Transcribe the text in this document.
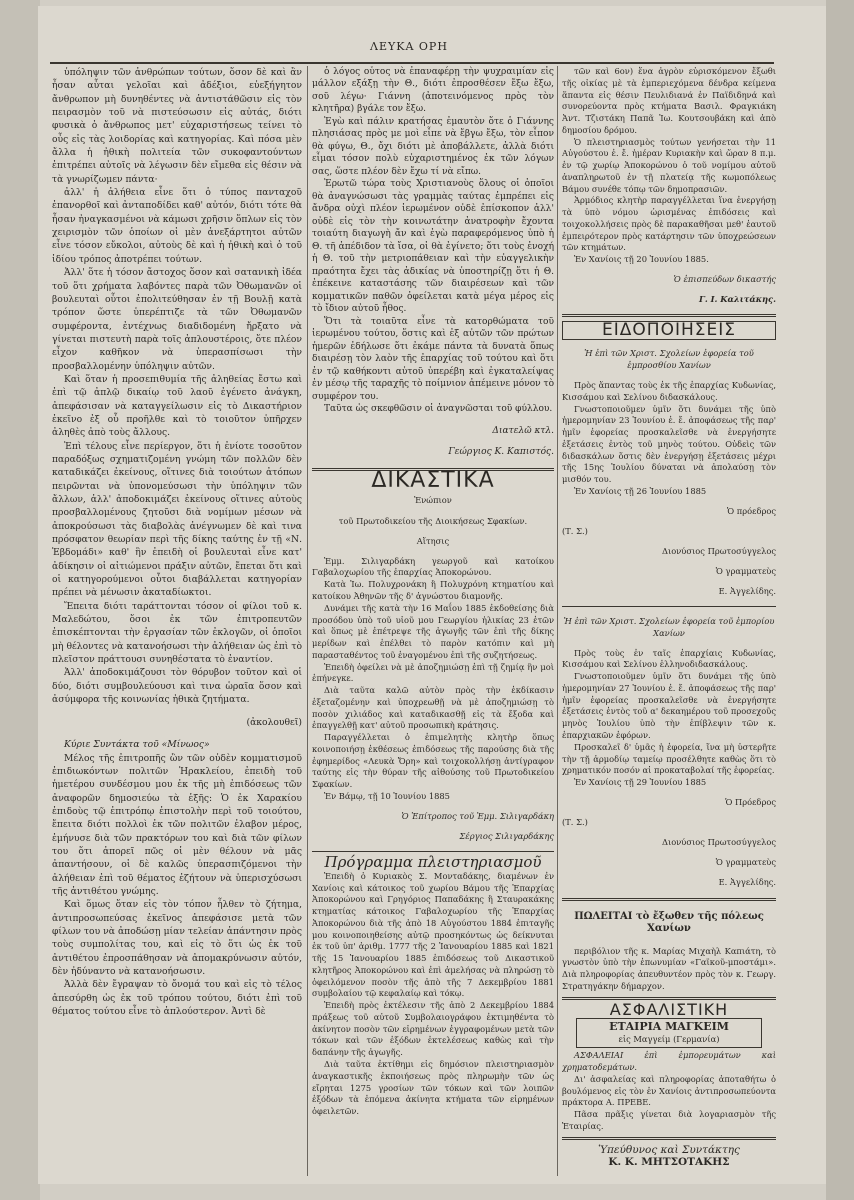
ΛΕΥΚΑ ΟΡΗ

ὑπόληψιν τῶν ἀνθρώπων τούτων, ὅσον δὲ καὶ ἂν ἦσαν αὗται γελοῖαι καὶ ἀδέξιοι, εὐεξήγητον ἄνθρωπον μὴ δυνηθέντες νὰ ἀντιστάθῶσιν εἰς τὸν πειρασμὸν τοῦ νὰ πιστεύσωσιν εἰς αὐτάς, διότι φυσικὰ ὁ ἄνθρωπος μετ' εὐχαριστήσεως τείνει τὸ οὖς εἰς τὰς λοιδορίας καὶ κατηγορίας. Καὶ πόσα μὲν ἄλλα ἡ ἠθικὴ πολιτεία τῶν συκοφαντούντων ἐπιτρέπει αὐτοῖς νὰ λέγωσιν δὲν εἴμεθα εἰς θέσιν νὰ τὰ γνωρίζωμεν πάντα·

ἀλλ' ἡ ἀλήθεια εἶνε ὅτι ὁ τύπος πανταχοῦ ἐπανορθοῖ καὶ ἀνταποδίδει καθ' αὐτόν, διότι τότε θὰ ἦσαν ἠναγκασμένοι νὰ κάμωσι χρῆσιν ὅπλων εἰς τὸν χειρισμὸν τῶν ὁποίων οἱ μὲν ἀνεξάρτητοι αὐτῶν εἶνε τόσον εὔκολοι, αὐτοὺς δὲ καὶ ἡ ἠθικὴ καὶ ὁ τοῦ ἰδίου τρόπος ἀποτρέπει τούτων.

Ἀλλ' ὅτε ἡ τόσον ἄστοχος ὅσον καὶ σατανικὴ ἰδέα τοῦ ὅτι χρήματα λαβόντες παρὰ τῶν Ὀθωμανῶν οἱ βουλευταὶ οὗτοι ἐπολιτεύθησαν ἐν τῇ Βουλῇ κατὰ τρόπον ὥστε ὑπερέπτιζε τὰ τῶν Ὀθωμανῶν συμφέροντα, ἐντέχνως διαδιδομένη ἤρξατο νὰ γίνεται πιστευτὴ παρὰ τοῖς ἁπλουστέροις, ὅτε πλέον εἶχον καθῆκον νὰ ὑπερασπίσωσι τὴν προσβαλλομένην ὑπόληψιν αὐτῶν.

Καὶ ὅταν ἡ προσεπιθυμία τῆς ἀληθείας ἔστω καὶ ἐπὶ τῷ ἀπλῷ δικαίῳ τοῦ λαοῦ ἐγένετο ἀνάγκη, ἀπεφάσισαν νὰ καταγγείλωσιν εἰς τὸ Δικαστήριον ἐκεῖνο ἐξ οὗ προῆλθε καὶ τὸ τοιοῦτον ὑπῆρχεν ἀληθὲς ἀπὸ τοὺς ἄλλους.

Ἐπὶ τέλους εἶνε περίεργον, ὅτι ἡ ἐνίοτε τοσοῦτον παραδόξως σχηματιζομένη γνώμη τῶν πολλῶν δὲν καταδικάζει ἐκείνους, οἵτινες διὰ τοιούτων ἀτόπων πειρῶνται νὰ ὑπονομεύσωσι τὴν ὑπόληψιν τῶν ἄλλων, ἀλλ' ἀποδοκιμάζει ἐκείνους οἵτινες αὐτοὺς προσβαλλομένους ζητοῦσι διὰ νομίμων μέσων νὰ ἀποκρούσωσι τὰς διαβολὰς ἀνέγνωμεν δὲ καὶ τινα πρόσφατον θεωρίαν περὶ τῆς δίκης ταύτης ἐν τῇ «Ν. Ἑβδομάδι» καθ' ἣν ἐπειδὴ οἱ βουλευταὶ εἶνε κατ' ἀδίκησιν οἱ αἰτιώμενοι πράξιν αὐτῶν, ἔπεται ὅτι καὶ οἱ κατηγορούμενοι οὗτοι διαβάλλεται κατηγορίαν πρέπει νὰ μένωσιν ἀκαταδίωκτοι.

Ἔπειτα διότι ταράττονται τόσον οἱ φίλοι τοῦ κ. Μαλεδώτου, ὅσοι ἐκ τῶν ἐπιτροπευτῶν ἐπισκέπτονται τὴν ἐργασίαν τῶν ἐκλογῶν, οἱ ὁποῖοι μὴ θέλοντες νὰ κατανοήσωσι τὴν ἀλήθειαν ὡς ἐπὶ τὸ πλεῖστον πράττουσι συνηθέστατα τὸ ἐναντίον.

Ἀλλ' ἀποδοκιμάζουσι τὸν θόρυβον τοῦτον καὶ οἱ δύο, διότι συμβουλεύουσι καὶ τινα ὡραῖα ὅσον καὶ ἀσύμφορα τῆς κοινωνίας ἠθικὰ ζητήματα.

(ἀκολουθεῖ)

Κύριε Συντάκτα τοῦ «Μίνωος»

Μέλος τῆς ἐπιτροπῆς ὢν τῶν οὐδὲν κομματισμοῦ ἐπιδιωκόντων πολιτῶν Ἡρακλείου, ἐπειδὴ τοῦ ἡμετέρου συνδέσμου μου ἐκ τῆς μὴ ἐπιδόσεως τῶν ἀναφορῶν δημοσιεύω τὰ ἑξῆς: Ὁ ἐκ Χαρακίου ἐπιδοὺς τῷ ἐπιτρόπῳ ἐπιστολὴν περὶ τοῦ τοιούτου, ἔπειτα διότι πολλοὶ ἐκ τῶν πολιτῶν ἐλαβον μέρος, ἐμήνυσε διὰ τῶν πρακτόρων του καὶ διὰ τῶν φίλων του ὅτι ἀπορεῖ πῶς οἱ μὲν θέλουν νὰ μᾶς ἀπαντήσουν, οἱ δὲ καλῶς ὑπερασπιζόμενοι τὴν ἀλήθειαν ἐπὶ τοῦ θέματος ἐζήτουν νὰ ὑπερισχύσωσι τῆς ἀντιθέτου γνώμης.

Καὶ ὅμως ὅταν εἰς τὸν τόπον ἦλθεν τὸ ζήτημα, ἀντιπροσωπεύσας ἐκεῖνος ἀπεφάσισε μετὰ τῶν φίλων του νὰ ἀποδώσῃ μίαν τελείαν ἀπάντησιν πρὸς τοὺς συμπολίτας του, καὶ εἰς τὸ ὅτι ὡς ἐκ τοῦ ἀντιθέτου ἐπροσπάθησαν νὰ ἀπομακρύνωσιν αὐτόν, δὲν ἠδύναντο νὰ κατανοήσωσιν.

Ἀλλὰ δὲν ἔγραψαν τὸ ὄνομά του καὶ εἰς τὸ τέλος ἀπεσύρθη ὡς ἐκ τοῦ τρόπου τούτου, διότι ἐπὶ τοῦ θέματος τούτου εἶνε τὸ ἀπλούστερον. Ἀντὶ δὲ

ὁ λόγος οὗτος νὰ ἐπαναφέρῃ τὴν ψυχραιμίαν εἰς μάλλον εξάξῃ τὴν Θ., διότι ἐπροσθέσεν ἔξω ἔξω, σοῦ λέγω· Γιάννη (ἀποτεινόμενος πρὸς τὸν κλητῆρα) βγάλε τον ἔξω.

Ἐγὼ καὶ πάλιν κρατήσας ἐμαυτὸν ὅτε ὁ Γιάννης πλησιάσας πρὸς με μοὶ εἶπε νὰ ἔβγω ἔξω, τὸν εἶπον θὰ φύγω, Θ., ὄχι διότι μὲ ἀποβάλλετε, ἀλλὰ διότι εἶμαι τόσον πολὺ εὐχαριστημένος ἐκ τῶν λόγων σας, ὥστε πλέον δὲν ἔχω τί νὰ εἴπω.

Ἐρωτῶ τώρα τοὺς Χριστιανοὺς ὅλους οἱ ὁποῖοι θὰ ἀναγνώσωσι τὰς γραμμὰς ταύτας ἐμπρέπει εἰς ἄνδρα οὐχὶ πλέον ἱερωμένον οὐδὲ ἐπίσκοπον ἀλλ' οὐδὲ εἰς τὸν τὴν κοινωτάτην ἀνατροφὴν ἔχοντα τοιαύτη διαγωγὴ ἄν καὶ ἐγὼ παραφερόμενος ὑπὸ ἡ Θ. τῆ ἀπέδιδον τὰ ἴσα, οἱ θὰ ἐγίνετο; ὅτι τοὺς ἐνοχή ἡ Θ. τοῦ τὴν μετριοπάθειαν καὶ τὴν εὐαγγελικὴν πραότητα ἔχει τὰς ἀδικίας νὰ ὑποστηρίζῃ ὅτι ἡ Θ. ἐπέκεινε καταστάσης τῶν διαιρέσεων καὶ τῶν κομματικῶν παθῶν ὀφείλεται κατὰ μέγα μέρος εἰς τὸ ἴδιον αὐτοῦ ἦθος.

Ὅτι τὰ τοιαῦτα εἶνε τὰ κατορθώματα τοῦ ἱερωμένου τούτου, ὅστις καὶ ἐξ αὐτῶν τῶν πρώτων ἡμερῶν ἐδήλωσε ὅτι ἐκάμε πάντα τὰ δυνατὰ ὅπως διαιρέσῃ τὸν λαὸν τῆς ἐπαρχίας τοῦ τούτου καὶ ὅτι ἐν τῷ καθήκοντι αὐτοῦ ὑπερέβη καὶ ἐγκαταλείψας ἐν μέσῳ τῆς ταραχῆς τὸ ποίμνιον ἀπέμεινε μόνον τὸ συμφέρον του.

Ταῦτα ὡς σκεφθῶσιν οἱ ἀναγνῶσται τοῦ φύλλου.

Διατελῶ κτλ.

Γεώργιος Κ. Καπιστός.

ΔΙΚΑΣΤΙΚΑ

Ἐνώπιον

τοῦ Πρωτοδικείου τῆς Διοικήσεως Σφακίων.

Αἴτησις

Ἐμμ. Σιλιγαρδάκη γεωργοῦ καὶ κατοίκου Γαβαλοχωρίου τῆς ἐπαρχίας Ἀποκορώνου.

Κατὰ Ἰω. Πολυχρονάκη ἢ Πολυχρόνη κτηματίου καὶ κατοίκου Ἀθηνῶν τῆς δ' ἀγνώστου διαμονῆς.

Δυνάμει τῆς κατὰ τὴν 16 Μαΐου 1885 ἐκδοθείσης διὰ προσόδου ὑπὸ τοῦ υἱοῦ μου Γεωργίου ἡλικίας 23 ἐτῶν καὶ ὅπως μὲ ἐπέτρεψε τῆς ἀγωγῆς τῶν ἐπὶ τῆς δίκης μερίδων καὶ ἐπέλθει τὸ παρὸν κατόπιν καὶ μὴ παρασταθέντος τοῦ ἐναγομένου ἐπὶ τῆς συζητήσεως.

Ἐπειδὴ ὀφείλει νὰ μὲ ἀποζημιώσῃ ἐπὶ τῇ ζημίᾳ ἣν μοὶ ἐπήνεγκε.

Διὰ ταῦτα καλῶ αὐτὸν πρὸς τὴν ἐκδίκασιν ἐξεταζομένην καὶ ὑποχρεωθῇ νὰ μὲ ἀποζημιώσῃ τὸ ποσὸν χιλιάδος καὶ καταδικασθῇ εἰς τὰ ἔξοδα καὶ ἐπαγγελθῇ κατ' αὐτοῦ προσωπικὴ κράτησις.

Παραγγέλλεται ὁ ἐπιμελητὴς κλητὴρ ὅπως κοινοποιήσῃ ἐκθέσεως ἐπιδόσεως τῆς παρούσης διὰ τῆς ἐφημερίδος «Λευκὰ Ὄρη» καὶ τοιχοκολλήσῃ ἀντίγραφον ταύτης εἰς τὴν θύραν τῆς αἰθούσης τοῦ Πρωτοδικείου Σφακίων.

Ἐν Βάμῳ, τῇ 10 Ἰουνίου 1885

Ὁ Ἐπίτροπος τοῦ Ἐμμ. Σιλιγαρδάκη

Σέργιος Σιλιγαρδάκης

Πρόγραμμα πλειστηριασμοῦ

Ἐπειδὴ ὁ Κυριακὸς Σ. Μονταδάκης, διαμένων ἐν Χανίοις καὶ κάτοικος τοῦ χωρίου Βάμου τῆς Ἐπαρχίας Ἀποκορώνου καὶ Γρηγόριος Παπαδάκης ἢ Σταυρακάκης κτηματίας κάτοικος Γαβαλοχωρίου τῆς Ἐπαρχίας Ἀποκορώνου διὰ τῆς ἀπὸ 18 Αὐγούστου 1884 ἐπιταγῆς μου κοινοποιηθείσης αὐτῷ προσηκόντως ὡς δείκνυται ἐκ τοῦ ὑπ' ἀριθμ. 1777 τῆς 2 Ἰανουαρίου 1885 καὶ 1821 τῆς 15 Ἰανουαρίου 1885 ἐπιδόσεως τοῦ Δικαστικοῦ κλητῆρος Ἀποκορώνου καὶ ἐπὶ ἀμελήσας νὰ πληρώσῃ τὸ ὀφειλόμενον ποσὸν τῆς ἀπὸ τῆς 7 Δεκεμβρίου 1881 συμβολαίου τῷ κεφαλαίῳ καὶ τόκῳ.

Ἐπειδὴ πρὸς ἐκτέλεσιν τῆς ἀπὸ 2 Δεκεμβρίου 1884 πράξεως τοῦ αὐτοῦ Συμβολαιογράφου ἐκτιμηθέντα τὸ ἀκίνητον ποσὸν τῶν εἰρημένων ἐγγραφομένων μετὰ τῶν τόκων καὶ τῶν ἐξόδων ἐκτελέσεως καθὼς καὶ τὴν δαπάνην τῆς ἀγωγῆς.

Διὰ ταῦτα ἐκτίθημι εἰς δημόσιον πλειστηριασμὸν ἀναγκαστικῆς ἐκποιήσεως πρὸς πληρωμὴν τῶν ὡς εἴρηται 1275 γροσίων τῶν τόκων καὶ τῶν λοιπῶν ἐξόδων τὰ ἑπόμενα ἀκίνητα κτήματα τῶν εἰρημένων ὀφειλετῶν.

τῶν καὶ 6ον) ἕνα ἀγρὸν εὑρισκόμενον ἔξωθι τῆς οἰκίας μὲ τὰ ἐμπεριεχόμενα δένδρα κείμενα ἅπαντα εἰς θέσιν Πευλιδιανά ἐν Παϊδιδηνά καὶ συνορεύοντα πρὸς κτήματα Βασιλ. Φραγκιάκη Ἀντ. Τζιστάκη Παπᾶ Ἰω. Κουτσουβάκη καὶ ἀπὸ δημοσίου δρόμου.

Ὁ πλειστηριασμὸς τούτων γενήσεται τὴν 11 Αὐγούστου ἐ. ἔ. ἡμέραν Κυριακὴν καὶ ὥραν 8 π.μ. ἐν τῷ χωρίῳ Ἀποκορώνου ὁ τοῦ νομίμου αὐτοῦ ἀναπληρωτοῦ ἐν τῇ πλατείᾳ τῆς κωμοπόλεως Βάμου συνέθε τόπῳ τῶν δημοπρασιῶν.

Ἁρμόδιος κλητὴρ παραγγέλλεται ἵνα ἐνεργήσῃ τὰ ὑπὸ νόμου ὡρισμένας ἐπιδόσεις καὶ τοιχοκολλήσεις πρὸς δὲ παρακαθῆσαι μεθ' ἑαυτοῦ ἐμπειρότερον πρὸς κατάρτησιν τῶν ὑποχρεώσεων τῶν κτημάτων.

Ἐν Χανίοις τῇ 20 Ἰουνίου 1885.

Ὁ ἐπισπεύδων δικαστής

Γ. Ι. Καλιτάκης.

ΕΙΔΟΠΟΙΗΣΕΙΣ

Ἡ ἐπὶ τῶν Χριστ. Σχολείων ἐφορεία τοῦ ἐμπροσθίου Χανίων

Πρὸς ἅπαντας τοὺς ἐκ τῆς ἐπαρχίας Κυδωνίας, Κισσάμου καὶ Σελίνου διδασκάλους.

Γνωστοποιοῦμεν ὑμῖν ὅτι δυνάμει τῆς ὑπὸ ἡμερομηνίαν 23 Ἰουνίου ἐ. ἔ. ἀποφάσεως τῆς παρ' ἡμῖν ἐφορείας προσκαλεῖσθε νὰ ἐνεργήσητε ἐξετάσεις ἐντὸς τοῦ μηνὸς τούτου. Οὐδεὶς τῶν διδασκάλων ὅστις δὲν ἐνεργήσῃ ἐξετάσεις μέχρι τῆς 15ης Ἰουλίου δύναται νὰ ἀπολαύσῃ τὸν μισθόν του.

Ἐν Χανίοις τῇ 26 Ἰουνίου 1885

Ὁ πρόεδρος

(Τ. Σ.)

Διονύσιος Πρωτοσύγγελος

Ὁ γραμματεὺς

Ε. Ἀγγελίδης.

Ἡ ἐπὶ τῶν Χριστ. Σχολείων ἐφορεία τοῦ ἐμπορίου Χανίων

Πρὸς τοὺς ἐν ταῖς ἐπαρχίαις Κυδωνίας, Κισσάμου καὶ Σελίνου ἑλληνοδιδασκάλους.

Γνωστοποιοῦμεν ὑμῖν ὅτι δυνάμει τῆς ὑπὸ ἡμερομηνίαν 27 Ἰουνίου ἐ. ἔ. ἀποφάσεως τῆς παρ' ἡμῖν ἐφορείας προσκαλεῖσθε νὰ ἐνεργήσητε ἐξετάσεις ἐντὸς τοῦ α' δεκαημέρου τοῦ προσεχοῦς μηνὸς Ἰουλίου ὑπὸ τὴν ἐπίβλεψιν τῶν κ. ἐπαρχιακῶν ἐφόρων.

Προσκαλεῖ δ' ὑμᾶς ἡ ἐφορεία, ἵνα μὴ ὑστερῆτε τὴν τῇ ἁρμοδίῳ ταμείῳ προσέλθητε καθὼς ὅτι τὸ χρηματικόν ποσόν αἱ προκαταβολαί τῆς ἐφορείας.

Ἐν Χανίοις τῇ 29 Ἰουνίου 1885

Ὁ Πρόεδρος

(Τ. Σ.)

Διονύσιος Πρωτοσύγγελος

Ὁ γραμματεὺς

Ε. Ἀγγελίδης.

ΠΩΛΕΙΤΑΙ τὸ ἔξωθεν τῆς πόλεως Χανίων

περιβόλιον τῆς κ. Μαρίας Μιχαὴλ Καπιάτη, τὸ γνωστὸν ὑπὸ τὴν ἐπωνυμίαν «Γαϊκοῦ-μποστάμι». Διὰ πληροφορίας ἀπευθυντέον πρὸς τὸν κ. Γεωργ. Στρατηγάκην δήμαρχον.

ΑΣΦΑΛΙΣΤΙΚΗ
ΕΤΑΙΡΙΑ ΜΑΓΚΕΙΜ
εἰς Μαγγείμ (Γερμανία)

ΑΣΦΑΛΕΙΑΙ ἐπὶ ἐμπορευμάτων καὶ χρηματοδεμάτων.

Δι' ἀσφαλείας καὶ πληροφορίας ἀποταθήτω ὁ βουλόμενος εἰς τὸν ἐν Χανίοις ἀντιπροσωπεύοντα πράκτορα Α. ΠΡΕΒΕ.

Πᾶσα πρᾶξις γίνεται διὰ λογαριασμὸν τῆς Ἑταιρίας.

Ὑπεύθυνος καὶ Συντάκτης

Κ. Κ. ΜΗΤΣΟΤΑΚΗΣ
